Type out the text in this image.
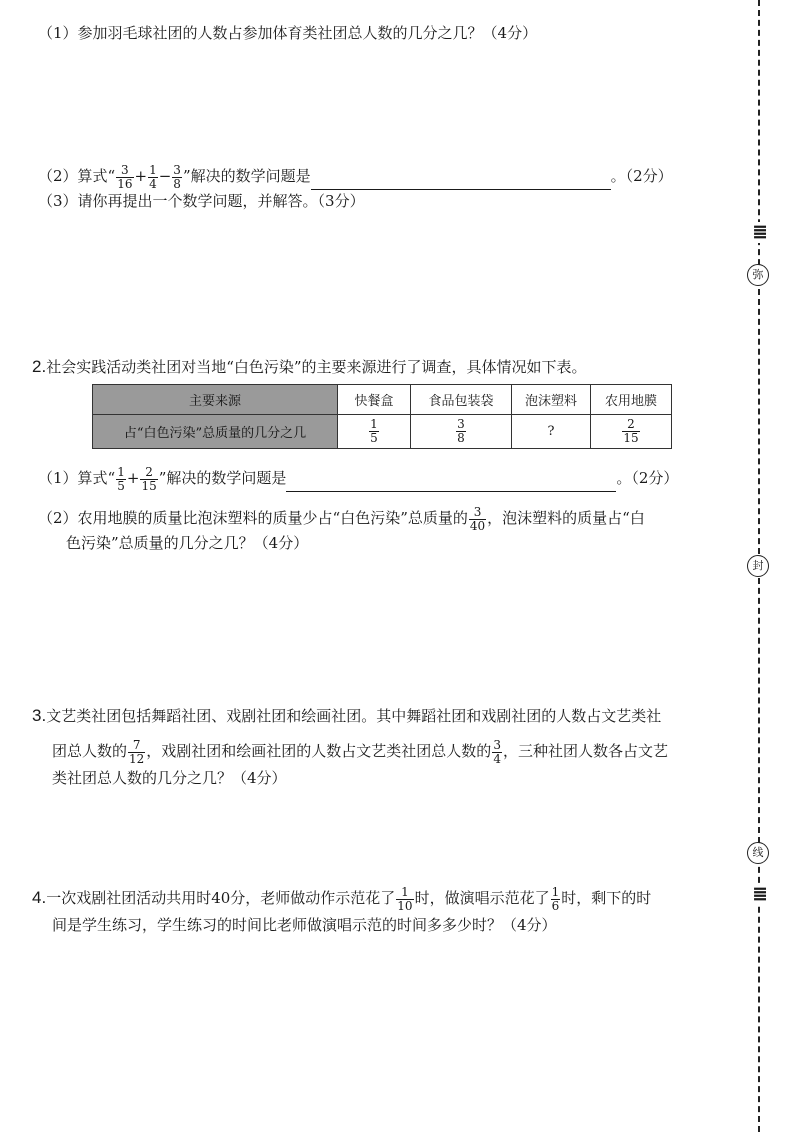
（1）参加羽毛球社团的人数占参加体育类社团总人数的几分之几？（4分）
（2）算式“ $\frac{3}{16} + \frac{1}{4} - \frac{3}{8}$ ”解决的数学问题是	。（2分）
（3）请你再提出一个数学问题，并解答。（3分）
2.社会实践活动类社团对当地“白色污染”的主要来源进行了调查，具体情况如下表。
主要来源	快餐盒	食品包装袋	泡沫塑料	农用地膜
占“白色污染”总质量的几分之几	$\frac{1}{5}$	$\frac{3}{8}$	?	$\frac{2}{15}$
（1）算式“ $\frac{1}{5} + \frac{2}{15}$ ”解决的数学问题是	。（2分）
（2）农用地膜的质量比泡沫塑料的质量少占“白色污染”总质量的 $\frac{3}{40}$ ，泡沫塑料的质量占“白
色污染”总质量的几分之几？（4分）
3.文艺类社团包括舞蹈社团、戏剧社团和绘画社团。其中舞蹈社团和戏剧社团的人数占文艺类社
团总人数的 $\frac{7}{12}$ ，戏剧社团和绘画社团的人数占文艺类社团总人数的 $\frac{3}{4}$ ，三种社团人数各占文艺
类社团总人数的几分之几？（4分）
4.一次戏剧社团活动共用时40分，老师做动作示范花了 $\frac{1}{10}$ 时，做演唱示范花了 $\frac{1}{6}$ 时，剩下的时
间是学生练习，学生练习的时间比老师做演唱示范的时间多多少时？（4分）
≣
弥
封
线
≣
